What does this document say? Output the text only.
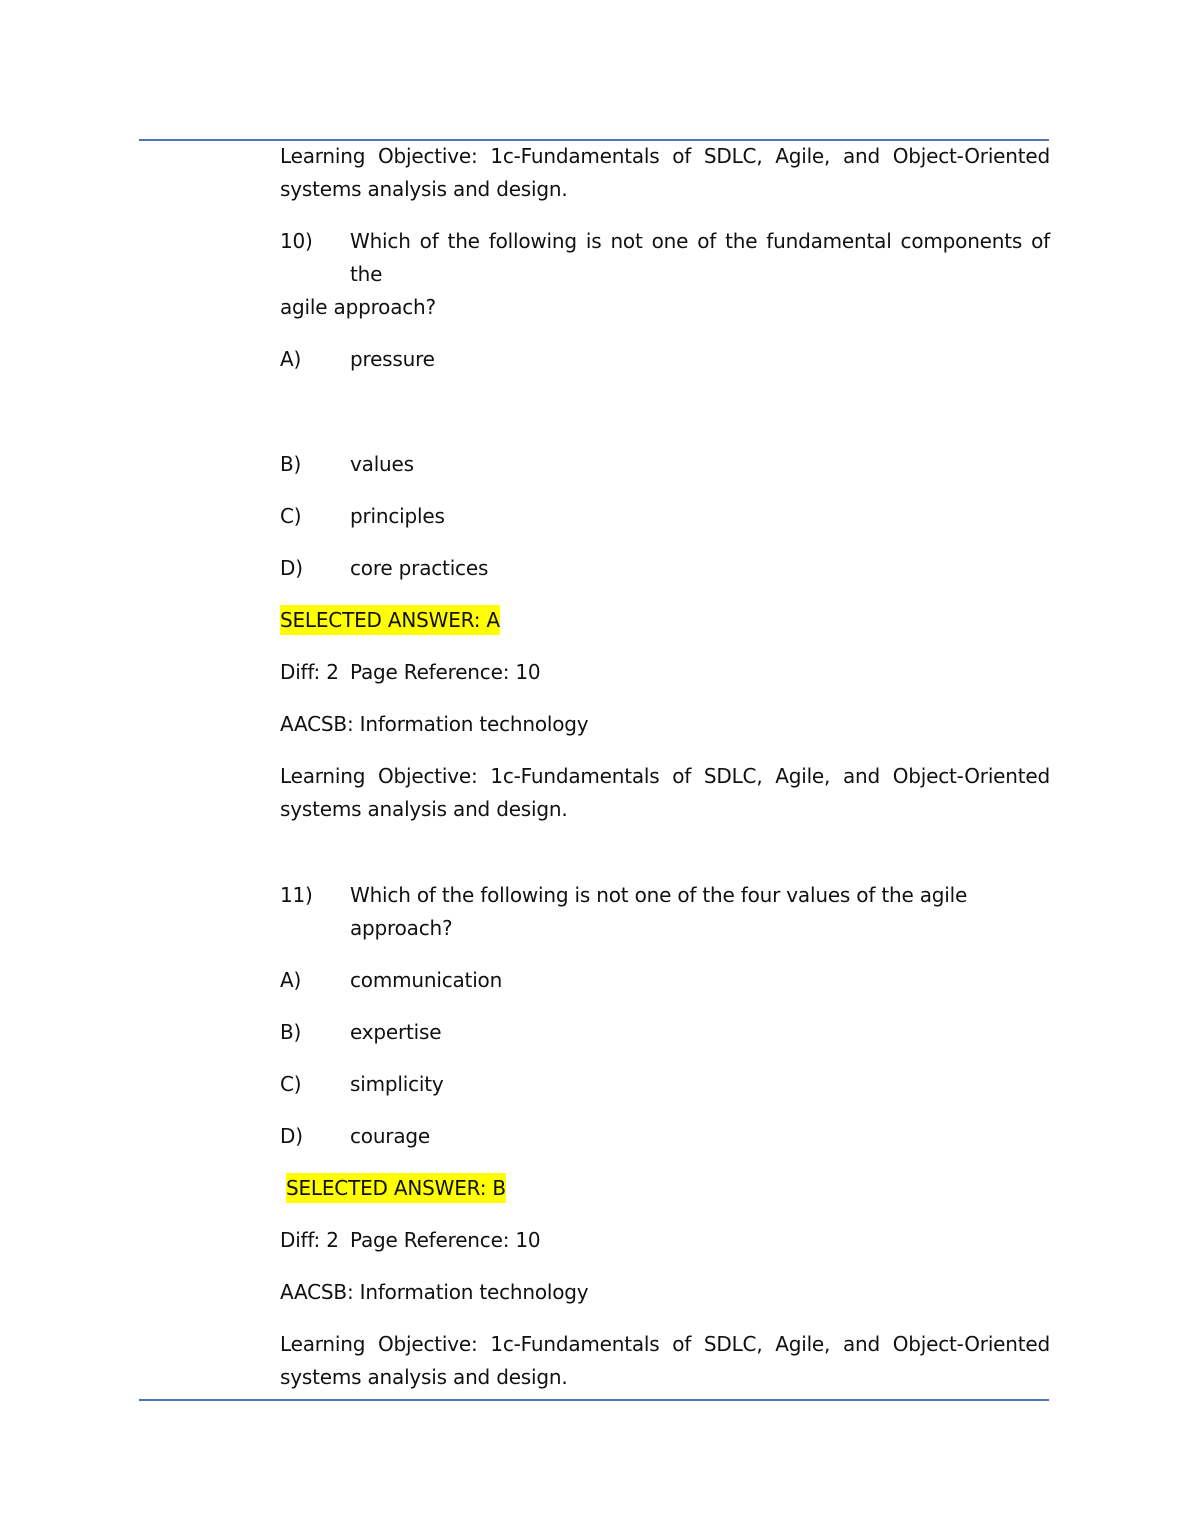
Learning Objective: 1c-Fundamentals of SDLC, Agile, and Object-Oriented systems analysis and design.

10)	Which of the following is not one of the fundamental components of the

agile approach?

A)	pressure
B)	values
C)	principles
D)	core practices

SELECTED ANSWER: A

Diff: 2 Page Reference: 10

AACSB: Information technology

Learning Objective: 1c-Fundamentals of SDLC, Agile, and Object-Oriented systems analysis and design.

11)	Which of the following is not one of the four values of the agile approach?
A)	communication
B)	expertise
C)	simplicity
D)	courage

SELECTED ANSWER: B

Diff: 2 Page Reference: 10

AACSB: Information technology

Learning Objective: 1c-Fundamentals of SDLC, Agile, and Object-Oriented systems analysis and design.
